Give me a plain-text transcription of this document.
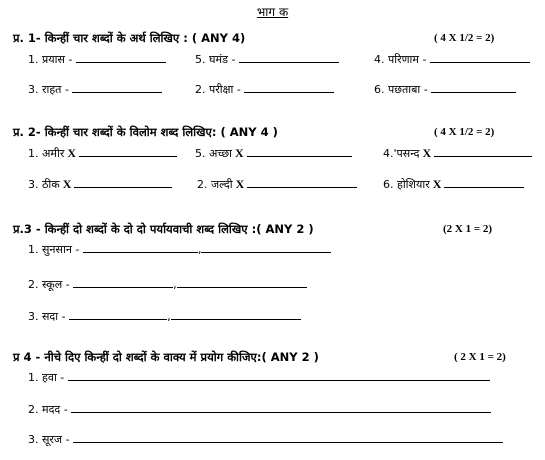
भाग क
प्र. 1- किन्हीं चार शब्दों के अर्थ लिखिए : ( ANY 4)	( 4 X 1/2 = 2)
1. प्रयास -	5. घमंड -	4. परिणाम -
3. राहत -	2. परीक्षा -	6. पछताबा -
प्र. 2- किन्हीं चार शब्दों के विलोम शब्द लिखिए: ( ANY 4 )	( 4 X 1/2 = 2)
1. अमीर X	5. अच्छा X	4.'पसन्द X
3. ठीक X	2. जल्दी X	6. होशियार X
प्र.3 - किन्हीं दो शब्दों के दो दो पर्यायवाची शब्द लिखिए :( ANY 2 )	(2 X 1 = 2)
1. सुनसान -	,
2. स्कूल -	,
3. सदा -	,
प्र 4 - नीचे दिए किन्हीं दो शब्दों के वाक्य में प्रयोग कीजिए:( ANY 2 )	( 2 X 1 = 2)
1. हवा -
2. मदद -
3. सूरज -
